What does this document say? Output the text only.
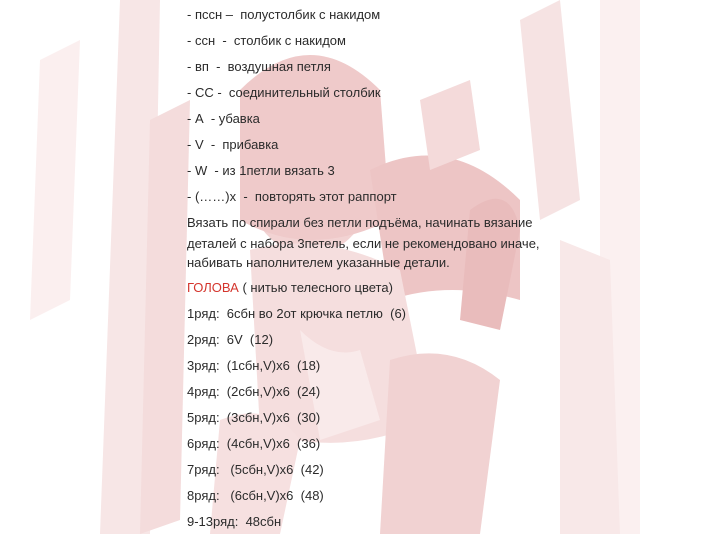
- пссн –  полустолбик с накидом
- ссн  -  столбик с накидом
- вп  -  воздушная петля
- СС -  соединительный столбик
- А  - убавка
- V  -  прибавка
- W  - из 1петли вязать 3
- (……)х  -  повторять этот раппорт
Вязать по спирали без петли подъёма, начинать вязание
деталей с набора 3петель, если не рекомендовано иначе,
набивать наполнителем указанные детали.
ГОЛОВА ( нитью телесного цвета)
1ряд:  6сбн во 2от крючка петлю  (6)
2ряд:  6V  (12)
3ряд:  (1сбн,V)х6  (18)
4ряд:  (2сбн,V)х6  (24)
5ряд:  (3сбн,V)х6  (30)
6ряд:  (4сбн,V)х6  (36)
7ряд:   (5сбн,V)х6  (42)
8ряд:   (6сбн,V)х6  (48)
9-13ряд:  48сбн
